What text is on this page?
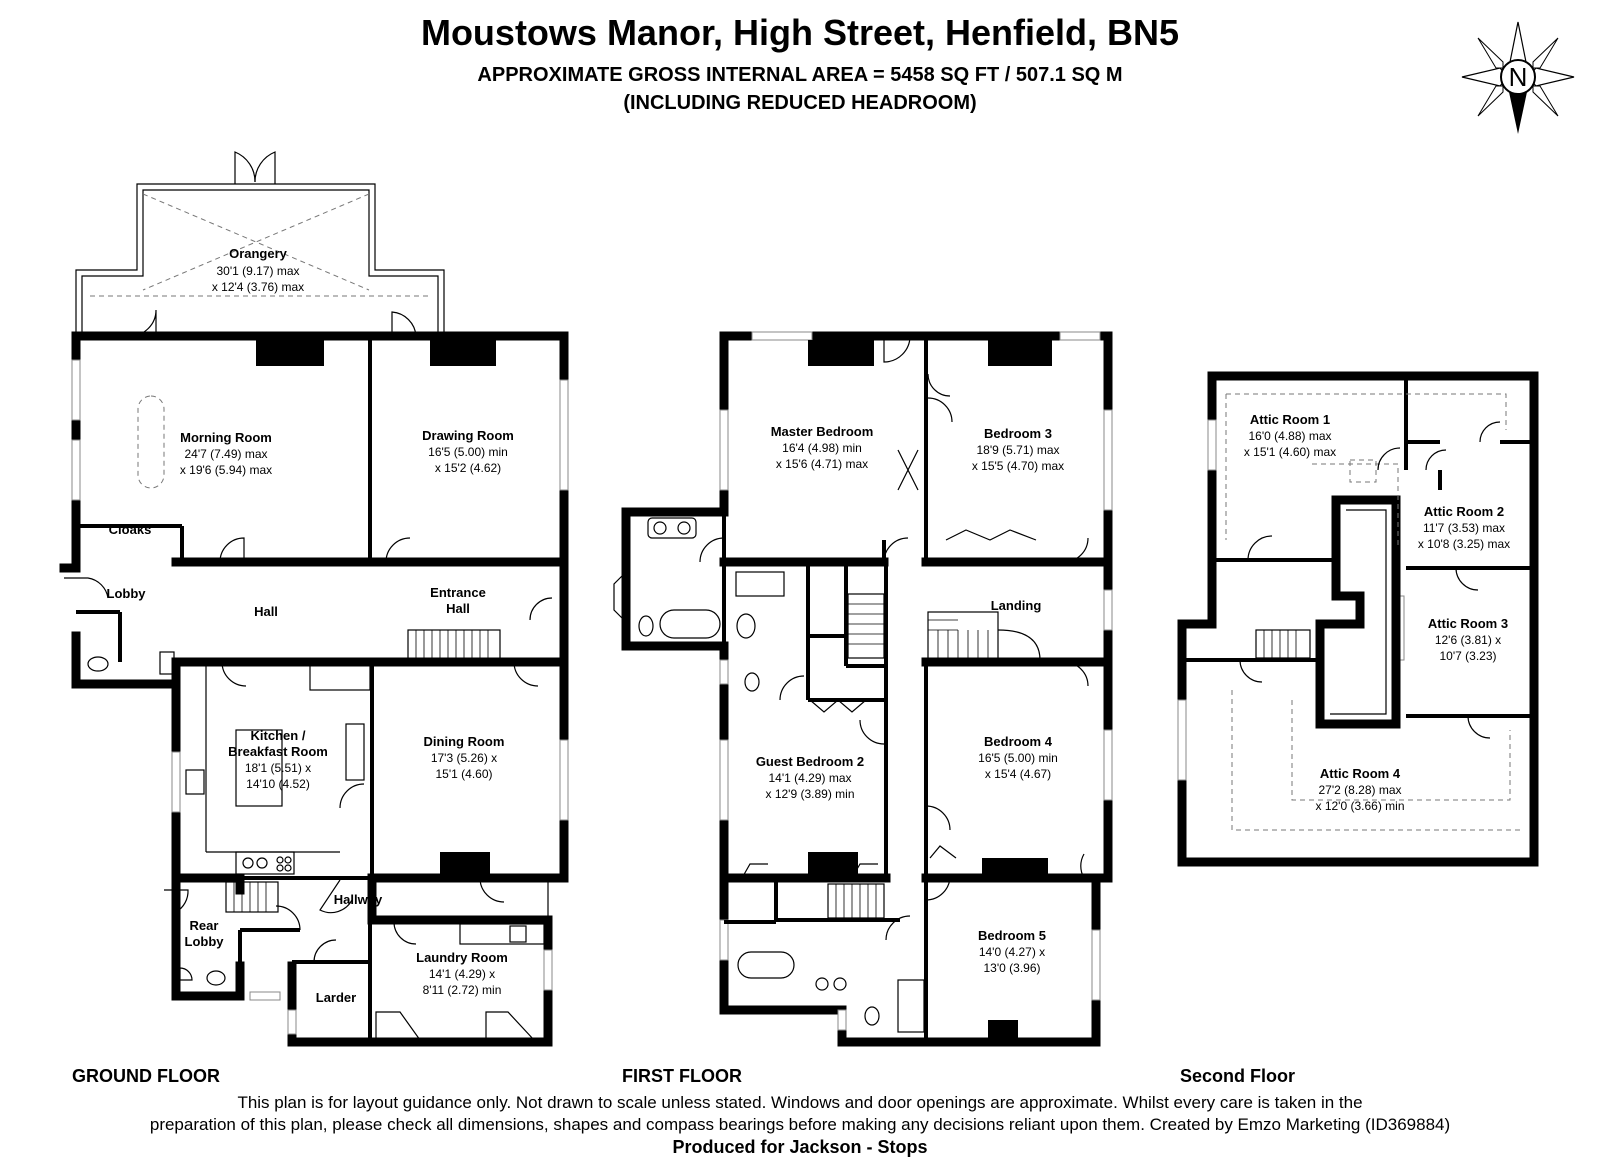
Moustows Manor, High Street, Henfield, BN5
APPROXIMATE GROSS INTERNAL AREA = 5458 SQ FT / 507.1 SQ M
(INCLUDING REDUCED HEADROOM)
N
Orangery
30'1 (9.17) max
x 12'4 (3.76) max
Morning Room
24'7 (7.49) max
x 19'6 (5.94) max
Drawing Room
16'5 (5.00) min
x 15'2 (4.62)
Cloaks
Lobby
Hall
Entrance
Hall
Kitchen /
Breakfast Room
18'1 (5.51) x
14'10 (4.52)
Dining Room
17'3 (5.26) x
15'1 (4.60)
Hallway
Rear
Lobby
Larder
Laundry Room
14'1 (4.29) x
8'11 (2.72) min
Master Bedroom
16'4 (4.98) min
x 15'6 (4.71) max
Bedroom 3
18'9 (5.71) max
x 15'5 (4.70) max
Landing
Guest Bedroom 2
14'1 (4.29) max
x 12'9 (3.89) min
Bedroom 4
16'5 (5.00) min
x 15'4 (4.67)
Bedroom 5
14'0 (4.27) x
13'0 (3.96)
Attic Room 1
16'0 (4.88) max
x 15'1 (4.60) max
Attic Room 2
11'7 (3.53) max
x 10'8 (3.25) max
Attic Room 3
12'6 (3.81) x
10'7 (3.23)
Attic Room 4
27'2 (8.28) max
x 12'0 (3.66) min
GROUND FLOOR	FIRST FLOOR	Second Floor
This plan is for layout guidance only. Not drawn to scale unless stated. Windows and door openings are approximate. Whilst every care is taken in the
preparation of this plan, please check all dimensions, shapes and compass bearings before making any decisions reliant upon them. Created by Emzo Marketing (ID369884)
Produced for Jackson - Stops
